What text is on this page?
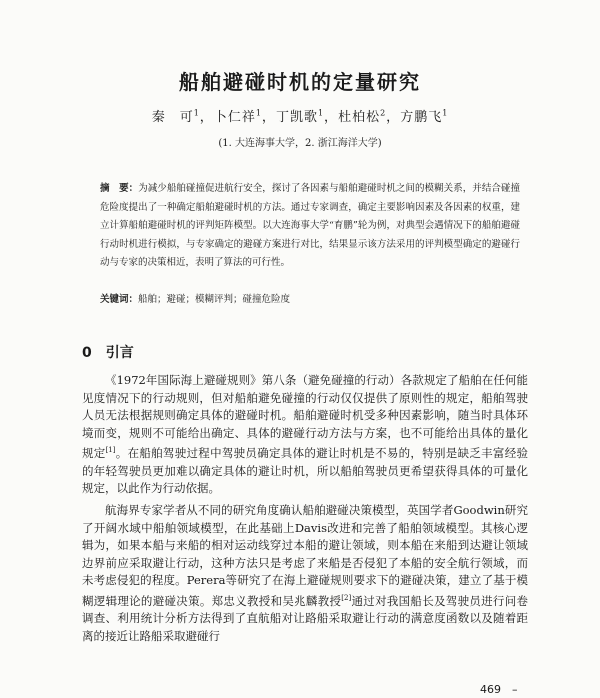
船舶避碰时机的定量研究
秦　可$^1$，卜仁祥$^1$，丁凯歌$^1$，杜柏松$^2$，方鹏飞$^1$
(1. 大连海事大学，2. 浙江海洋大学)
摘　要：为减少船舶碰撞促进航行安全，探讨了各因素与船舶避碰时机之间的模糊关系，并结合碰撞危险度提出了一种确定船舶避碰时机的方法。通过专家调查，确定主要影响因素及各因素的权重，建立计算船舶避碰时机的评判矩阵模型。以大连海事大学“育鹏”轮为例，对典型会遇情况下的船舶避碰行动时机进行模拟，与专家确定的避碰方案进行对比，结果显示该方法采用的评判模型确定的避碰行动与专家的决策相近，表明了算法的可行性。
关键词：船舶；避碰；模糊评判；碰撞危险度
0 引言

《1972年国际海上避碰规则》第八条（避免碰撞的行动）各款规定了船舶在任何能见度情况下的行动规则，但对船舶避免碰撞的行动仅仅提供了原则性的规定，船舶驾驶人员无法根据规则确定具体的避碰时机。船舶避碰时机受多种因素影响，随当时具体环境而变，规则不可能给出确定、具体的避碰行动方法与方案，也不可能给出具体的量化规定[1]。在船舶驾驶过程中驾驶员确定具体的避让时机是不易的，特别是缺乏丰富经验的年轻驾驶员更加难以确定具体的避让时机，所以船舶驾驶员更希望获得具体的可量化规定，以此作为行动依据。

航海界专家学者从不同的研究角度确认船舶避碰决策模型，英国学者Goodwin研究了开阔水域中船舶领域模型，在此基础上Davis改进和完善了船舶领域模型。其核心逻辑为，如果本船与来船的相对运动线穿过本船的避让领域，则本船在来船到达避让领域边界前应采取避让行动，这种方法只是考虑了来船是否侵犯了本船的安全航行领域，而未考虑侵犯的程度。Perera等研究了在海上避碰规则要求下的避碰决策，建立了基于模糊逻辑理论的避碰决策。郑忠义教授和吴兆麟教授[2]通过对我国船长及驾驶员进行问卷调查、利用统计分析方法得到了直航船对让路船采取避让行动的满意度函数以及随着距离的接近让路船采取避碰行

469　–
